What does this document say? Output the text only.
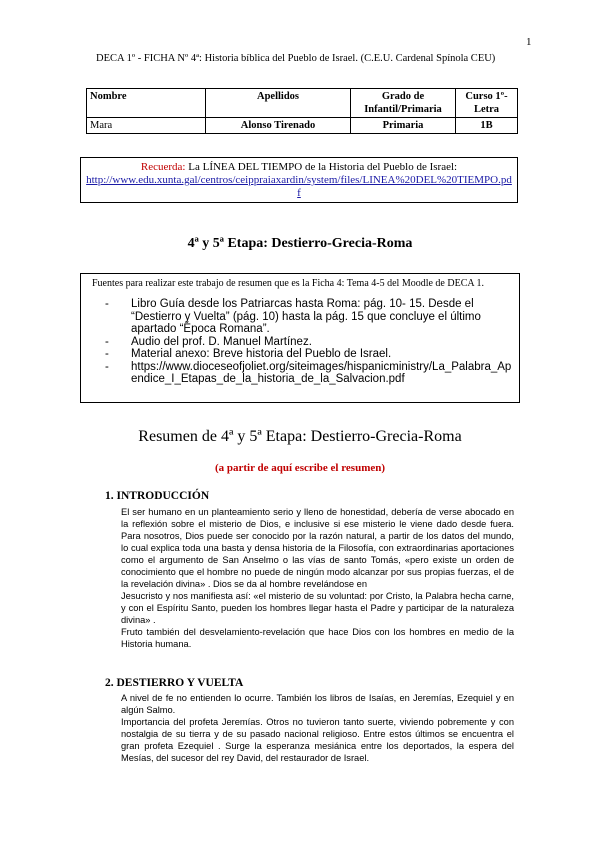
1
DECA 1º - FICHA Nº 4ª: Historia bíblica del Pueblo de Israel. (C.E.U. Cardenal Spínola CEU)
Nombre	Apellidos	Grado de Infantil/Primaria	Curso 1º- Letra
Mara	Alonso Tirenado	Primaria	1B
Recuerda: La LÍNEA DEL TIEMPO de la Historia del Pueblo de Israel:
http://www.edu.xunta.gal/centros/ceippraiaxardin/system/files/LINEA%20DEL%20TIEMPO.pdf
4ª y 5ª Etapa: Destierro-Grecia-Roma
Fuentes para realizar este trabajo de resumen que es la Ficha 4: Tema 4-5 del Moodle de DECA 1.
- Libro Guía desde los Patriarcas hasta Roma: pág. 10- 15. Desde el “Destierro y Vuelta” (pág. 10) hasta la pág. 15 que concluye el último apartado “Época Romana”.
- Audio del prof. D. Manuel Martínez.
- Material anexo: Breve historia del Pueblo de Israel.
- https://www.dioceseofjoliet.org/siteimages/hispanicministry/La_Palabra_Apendice_I_Etapas_de_la_historia_de_la_Salvacion.pdf
Resumen de 4ª y 5ª Etapa: Destierro-Grecia-Roma
(a partir de aquí escribe el resumen)
1. INTRODUCCIÓN

El ser humano en un planteamiento serio y lleno de honestidad, debería de verse abocado en la reflexión sobre el misterio de Dios, e inclusive si ese misterio le viene dado desde fuera. Para nosotros, Dios puede ser conocido por la razón natural, a partir de los datos del mundo, lo cual explica toda una basta y densa historia de la Filosofía, con extraordinarias aportaciones como el argumento de San Anselmo o las vías de santo Tomás, «pero existe un orden de conocimiento que el hombre no puede de ningún modo alcanzar por sus propias fuerzas, el de la revelación divina» . Dios se da al hombre revelándose en

Jesucristo y nos manifiesta así: «el misterio de su voluntad: por Cristo, la Palabra hecha carne, y con el Espíritu Santo, pueden los hombres llegar hasta el Padre y participar de la naturaleza divina» .

Fruto también del desvelamiento-revelación que hace Dios con los hombres en medio de la Historia humana.

2. DESTIERRO Y VUELTA

A nivel de fe no entienden lo ocurre. También los libros de Isaías, en Jeremías, Ezequiel y en algún Salmo.

Importancia del profeta Jeremías. Otros no tuvieron tanto suerte, viviendo pobremente y con nostalgia de su tierra y de su pasado nacional religioso. Entre estos últimos se encuentra el gran profeta Ezequiel . Surge la esperanza mesiánica entre los deportados, la espera del Mesías, del sucesor del rey David, del restaurador de Israel.
